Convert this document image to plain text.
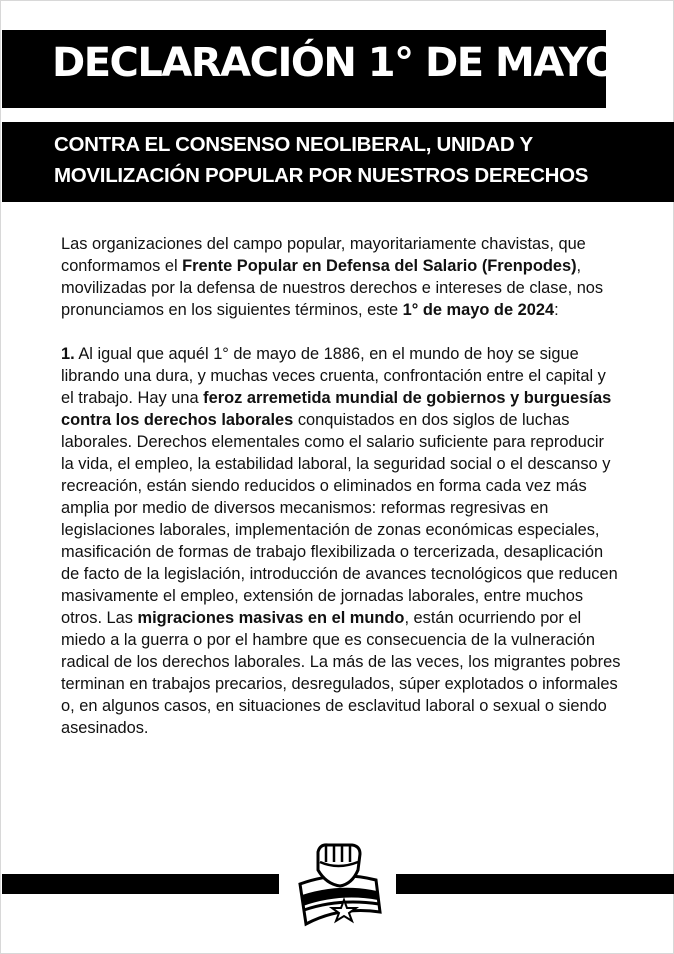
DECLARACIÓN 1° DE MAYO
CONTRA EL CONSENSO NEOLIBERAL, UNIDAD Y
MOVILIZACIÓN POPULAR POR NUESTROS DERECHOS

Las organizaciones del campo popular, mayoritariamente chavistas, que conformamos el Frente Popular en Defensa del Salario (Frenpodes), movilizadas por la defensa de nuestros derechos e intereses de clase, nos pronunciamos en los siguientes términos, este 1° de mayo de 2024:

1. Al igual que aquél 1° de mayo de 1886, en el mundo de hoy se sigue librando una dura, y muchas veces cruenta, confrontación entre el capital y el trabajo. Hay una feroz arremetida mundial de gobiernos y burguesías contra los derechos laborales conquistados en dos siglos de luchas laborales. Derechos elementales como el salario suficiente para reproducir la vida, el empleo, la estabilidad laboral, la seguridad social o el descanso y recreación, están siendo reducidos o eliminados en forma cada vez más amplia por medio de diversos mecanismos: reformas regresivas en legislaciones laborales, implementación de zonas económicas especiales, masificación de formas de trabajo flexibilizada o tercerizada, desaplicación de facto de la legislación, introducción de avances tecnológicos que reducen masivamente el empleo, extensión de jornadas laborales, entre muchos otros. Las migraciones masivas en el mundo, están ocurriendo por el miedo a la guerra o por el hambre que es consecuencia de la vulneración radical de los derechos laborales. La más de las veces, los migrantes pobres terminan en trabajos precarios, desregulados, súper explotados o informales o, en algunos casos, en situaciones de esclavitud laboral o sexual o siendo asesinados.
